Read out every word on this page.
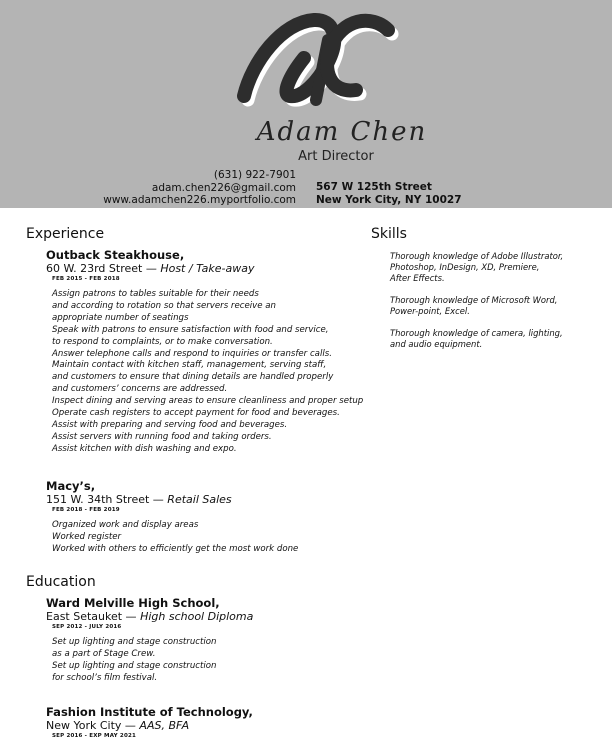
Adam Chen
Art Director
(631) 922-7901
adam.chen226@gmail.com
www.adamchen226.myportfolio.com
567 W 125th Street
New York City, NY 10027
Experience
Outback Steakhouse,
60 W. 23rd Street — Host / Take-away
FEB 2015 - FEB 2018
Assign patrons to tables suitable for their needs
and according to rotation so that servers receive an
appropriate number of seatings
Speak with patrons to ensure satisfaction with food and service,
to respond to complaints, or to make conversation.
Answer telephone calls and respond to inquiries or transfer calls.
Maintain contact with kitchen staff, management, serving staff,
and customers to ensure that dining details are handled properly
and customers’ concerns are addressed.
Inspect dining and serving areas to ensure cleanliness and proper setup
Operate cash registers to accept payment for food and beverages.
Assist with preparing and serving food and beverages.
Assist servers with running food and taking orders.
Assist kitchen with dish washing and expo.
Macy’s,
151 W. 34th Street — Retail Sales
FEB 2018 - FEB 2019
Organized work and display areas
Worked register
Worked with others to efficiently get the most work done
Education
Ward Melville High School,
East Setauket — High school Diploma
SEP 2012 - JULY 2016
Set up lighting and stage construction
as a part of Stage Crew.
Set up lighting and stage construction
for school’s film festival.
Fashion Institute of Technology,
New York City — AAS, BFA
SEP 2016 - EXP MAY 2021
Skills
Thorough knowledge of Adobe Illustrator,
Photoshop, InDesign, XD, Premiere,
After Effects.
Thorough knowledge of Microsoft Word,
Power-point, Excel.
Thorough knowledge of camera, lighting,
and audio equipment.
